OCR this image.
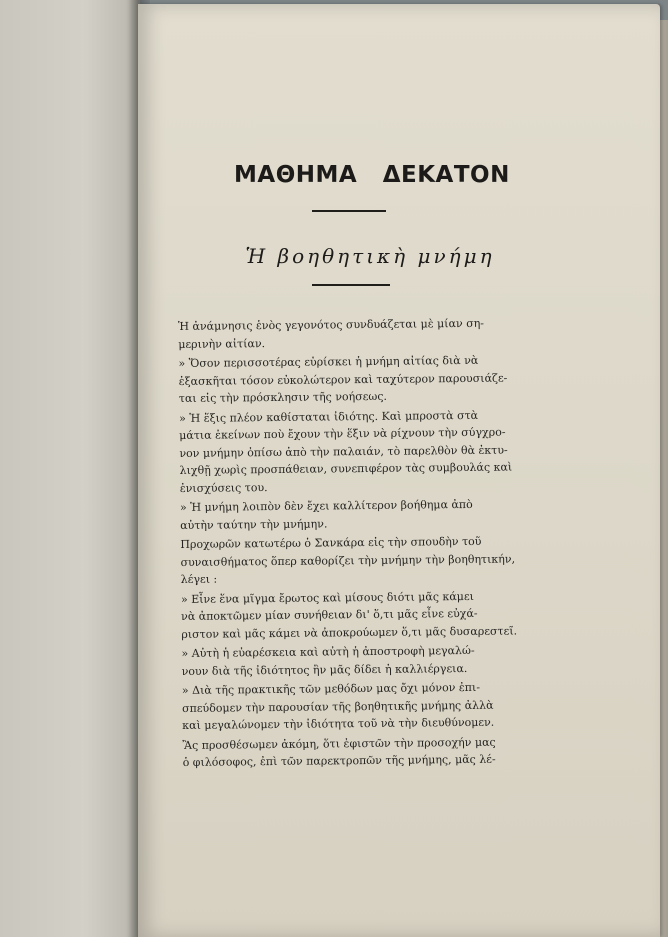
ΜΑΘΗΜΑ   ΔΕΚΑΤΟΝ
Ἡ βοηθητικὴ μνήμη
Ἡ ἀνάμνησις ἑνὸς γεγονότος συνδυάζεται μὲ μίαν ση-
μερινὴν αἰτίαν.
» Ὅσον περισσοτέρας εὑρίσκει ἡ μνήμη αἰτίας διὰ νὰ
ἐξασκῆται τόσον εὐκολώτερον καὶ ταχύτερον παρουσιάζε-
ται εἰς τὴν πρόσκλησιν τῆς νοήσεως.
» Ἡ ἕξις πλέον καθίσταται ἰδιότης. Καὶ μπροστὰ στὰ
μάτια ἐκείνων ποὺ ἔχουν τὴν ἕξιν νὰ ρίχνουν τὴν σύγχρο-
νον μνήμην ὀπίσω ἀπὸ τὴν παλαιάν, τὸ παρελθὸν θὰ ἐκτυ-
λιχθῇ χωρὶς προσπάθειαν, συνεπιφέρον τὰς συμβουλάς καὶ
ἐνισχύσεις του.
» Ἡ μνήμη λοιπὸν δὲν ἔχει καλλίτερον βοήθημα ἀπὸ
αὐτὴν ταύτην τὴν μνήμην.
Προχωρῶν κατωτέρω ὁ Σανκάρα εἰς τὴν σπουδὴν τοῦ
συναισθήματος ὅπερ καθορίζει τὴν μνήμην τὴν βοηθητικήν,
λέγει :
» Εἶνε ἕνα μῖγμα ἔρωτος καὶ μίσους διότι μᾶς κάμει
νὰ ἀποκτῶμεν μίαν συνήθειαν δι' ὅ,τι μᾶς εἶνε εὐχά-
ριστον καὶ μᾶς κάμει νὰ ἀποκρούωμεν ὅ,τι μᾶς δυσαρεστεῖ.
» Αὐτὴ ἡ εὐαρέσκεια καὶ αὐτὴ ἡ ἀποστροφὴ μεγαλώ-
νουν διὰ τῆς ἰδιότητος ἣν μᾶς δίδει ἡ καλλιέργεια.
» Διὰ τῆς πρακτικῆς τῶν μεθόδων μας ὄχι μόνον ἐπι-
σπεύδομεν τὴν παρουσίαν τῆς βοηθητικῆς μνήμης ἀλλὰ
καὶ μεγαλώνομεν τὴν ἰδιότητα τοῦ νὰ τὴν διευθύνομεν.
Ἂς προσθέσωμεν ἀκόμη, ὅτι ἐφιστῶν τὴν προσοχήν μας
ὁ φιλόσοφος, ἐπὶ τῶν παρεκτροπῶν τῆς μνήμης, μᾶς λέ-
